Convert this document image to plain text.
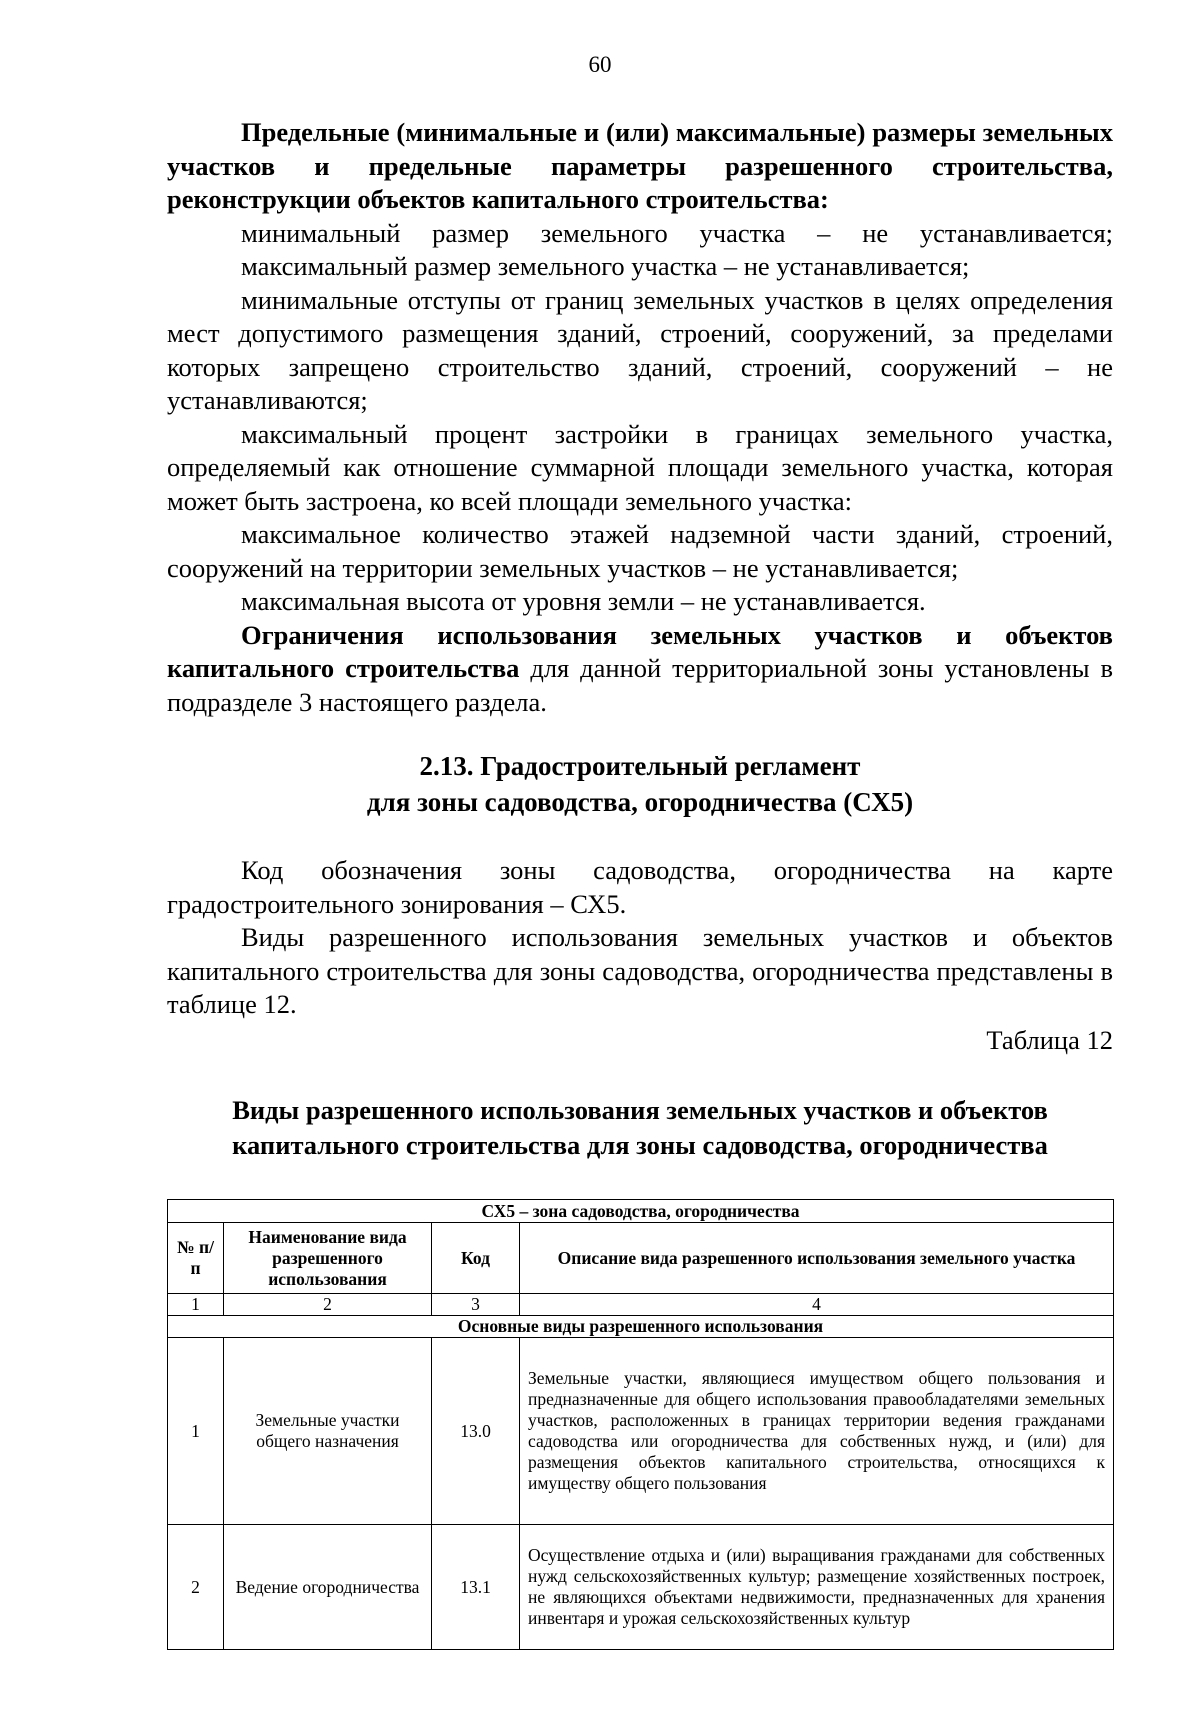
60

Предельные (минимальные и (или) максимальные) размеры земельных участков и предельные параметры разрешенного строительства, реконструкции объектов капитального строительства:

минимальный размер земельного участка – не устанавливается;

максимальный размер земельного участка – не устанавливается;

минимальные отступы от границ земельных участков в целях определения мест допустимого размещения зданий, строений, сооружений, за пределами которых запрещено строительство зданий, строений, сооружений – не устанавливаются;

максимальный процент застройки в границах земельного участка, определяемый как отношение суммарной площади земельного участка, которая может быть застроена, ко всей площади земельного участка:

максимальное количество этажей надземной части зданий, строений, сооружений на территории земельных участков – не устанавливается;

максимальная высота от уровня земли – не устанавливается.

Ограничения использования земельных участков и объектов капитального строительства для данной территориальной зоны установлены в подразделе 3 настоящего раздела.

2.13. Градостроительный регламент
для зоны садоводства, огородничества (СХ5)

Код обозначения зоны садоводства, огородничества на карте градостроительного зонирования – СХ5.

Виды разрешенного использования земельных участков и объектов капитального строительства для зоны садоводства, огородничества представлены в таблице 12.

Таблица 12

Виды разрешенного использования земельных участков и объектов
капитального строительства для зоны садоводства, огородничества
СХ5 – зона садоводства, огородничества			
№ п/п	Наименование вида разрешенного использования	Код	Описание вида разрешенного использования земельного участка
1	2	3	4
Основные виды разрешенного использования			
1	Земельные участки общего назначения	13.0	Земельные участки, являющиеся имуществом общего пользования и предназначенные для общего использования правообладателями земельных участков, расположенных в границах территории ведения гражданами садоводства или огородничества для собственных нужд, и (или) для размещения объектов капитального строительства, относящихся к имуществу общего пользования
2	Ведение огородничества	13.1	Осуществление отдыха и (или) выращивания гражданами для собственных нужд сельскохозяйственных культур; размещение хозяйственных построек, не являющихся объектами недвижимости, предназначенных для хранения инвентаря и урожая сельскохозяйственных культур
